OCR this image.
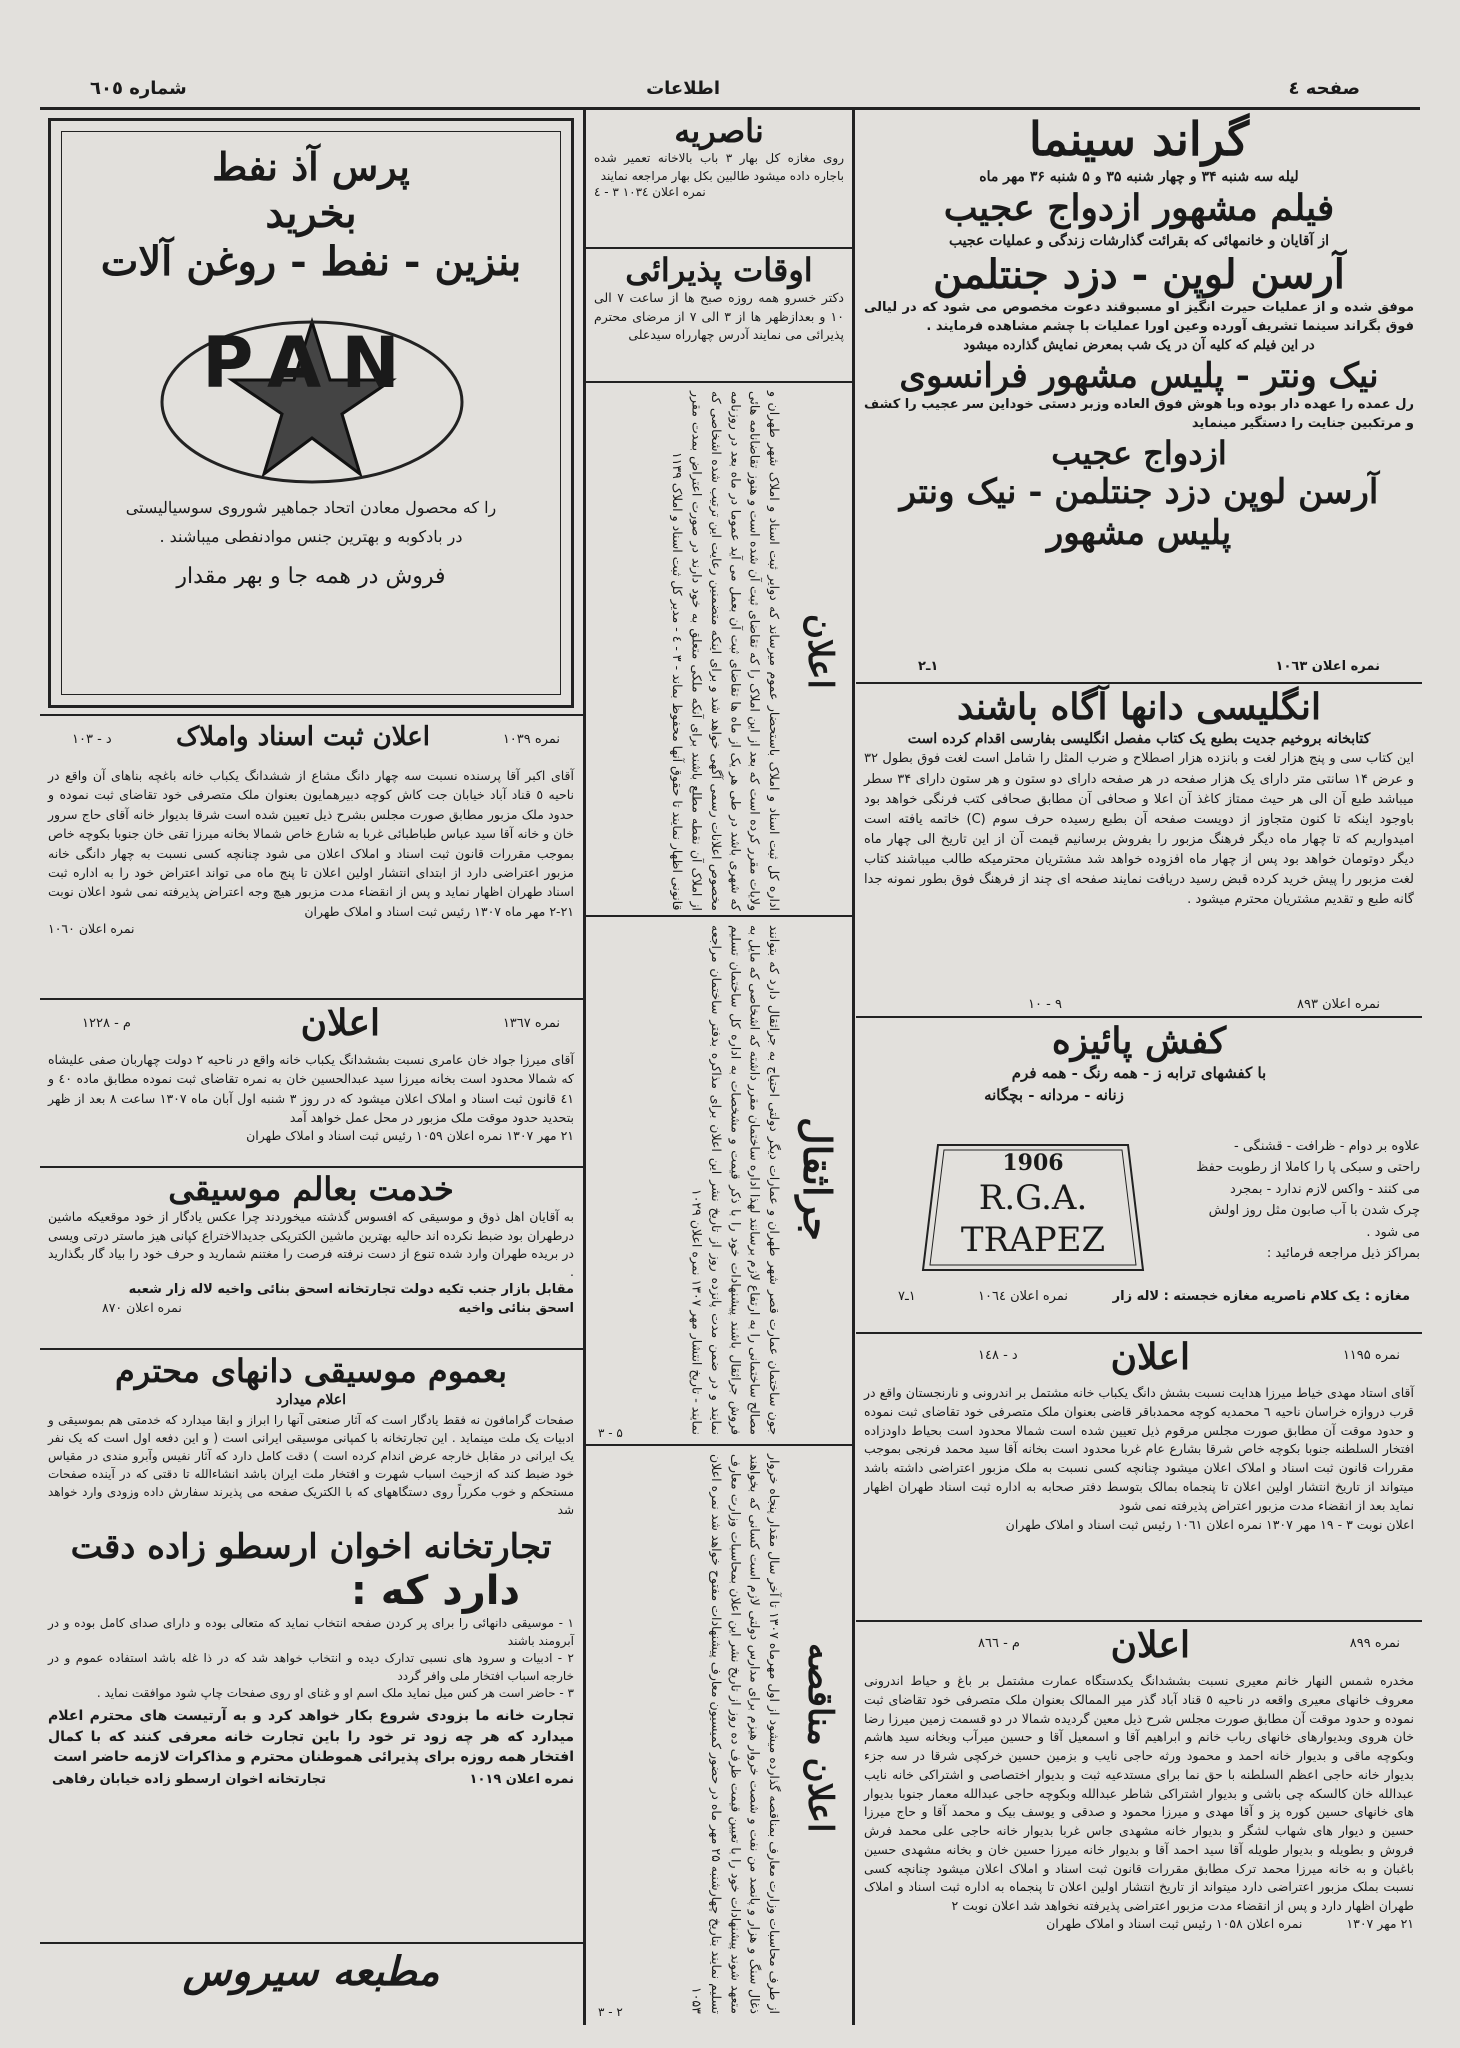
صفحه ٤
اطلاعات
شماره ٦٠٥
گراند سینما
لیله سه شنبه ۳۴ و چهار شنبه ۳۵ و ۵ شنبه ۳۶ مهر ماه
فیلم مشهور ازدواج عجیب
از آقایان و خانمهائی که بقرائت گذارشات زندگی و عملیات عجیب
آرسن لوپن - دزد جنتلمن
موفق شده و از عملیات حیرت انگیز او مسبوقند دعوت مخصوص می شود که در لیالی فوق بگراند سینما تشریف آورده وعین اورا عملیات با چشم مشاهده فرمایند .
در این فیلم که کلیه آن در یک شب بمعرض نمایش گذارده میشود
نیک ونتر - پلیس مشهور فرانسوی
رل عمده را عهده دار بوده وبا هوش فوق العاده وزبر دستی خوداین سر عجیب را کشف و مرتکبین جنایت را دستگیر مینماید
ازدواج عجیب
آرسن لوپن دزد جنتلمن - نیک ونتر
پلیس مشهور
نمره اعلان ۱۰٦۳
۱ـ۲
انگلیسی دانها آگاه باشند
کتابخانه بروخیم جدیت بطبع یک کتاب مفصل انگلیسی بفارسی اقدام کرده است
این کتاب سی و پنج هزار لغت و بانزده هزار اصطلاح و ضرب المثل را شامل است لغت فوق بطول ۳۲ و عرض ۱۴ سانتی متر دارای یک هزار صفحه در هر صفحه دارای دو ستون و هر ستون دارای ۳۴ سطر میباشد طبع آن الی هر حیث ممتاز کاغذ آن اعلا و صحافی آن مطابق صحافی کتب فرنگی خواهد بود باوجود اینکه تا کنون متجاوز از دویست صفحه آن بطبع رسیده حرف سوم (C) خاتمه یافته است امیدواریم که تا چهار ماه دیگر فرهنگ مزبور را بفروش برسانیم قیمت آن از این تاریخ الی چهار ماه دیگر دوتومان خواهد بود پس از چهار ماه افزوده خواهد شد مشتریان محترمیکه طالب میباشند کتاب لغت مزبور را پیش خرید کرده قبض رسید دریافت نمایند صفحه ای چند از فرهنگ فوق بطور نمونه جدا گانه طبع و تقدیم مشتریان محترم میشود .
نمره اعلان ۸۹۳
۹ - ۱۰
کفش پائیزه
با کفشهای ترابه ز - همه رنگ - همه فرم
زنانه - مردانه - بچگانه
علاوه بر دوام - ظرافت - قشنگی -
راحتی و سبکی پا را کاملا از رطوبت حفظ
می کنند - واکس لازم ندارد - بمجرد
چرک شدن با آب صابون مثل روز اولش
می شود .
بمراکز ذیل مراجعه فرمائید :
1906
R.G.A.
TRAPEZ
مغازه : یک کلام ناصریه مغازه خجسته : لاله زار
نمره اعلان ۱۰٦٤
۱ـ۷
نمره ۱۱۹۵
اعلان
د - ۱٤۸
آقای استاد مهدی خیاط میرزا هدایت نسبت بشش دانگ یکباب خانه مشتمل بر اندرونی و نارنجستان واقع در قرب دروازه خراسان ناحیه ٦ محمدیه کوچه محمدباقر قاضی بعنوان ملک متصرفی خود تقاضای ثبت نموده و حدود موقت آن مطابق صورت مجلس مرقوم ذیل تعیین شده است شمالا محدود است بحیاط داودزاده افتخار السلطنه جنوبا بکوچه خاص شرقا بشارع عام غربا محدود است بخانه آقا سید محمد فرنجی بموجب مقررات قانون ثبت اسناد و املاک اعلان میشود چنانچه کسی نسبت به ملک مزبور اعتراضی داشته باشد میتواند از تاریخ انتشار اولین اعلان تا پنجماه بمالک بتوسط دفتر صحابه به اداره ثبت اسناد طهران اظهار نماید بعد از انقضاء مدت مزبور اعتراض پذیرفته نمی شود
اعلان نوبت ۳ - ۱۹ مهر ۱۳۰۷ نمره اعلان ۱۰٦۱ رئیس ثبت اسناد و املاک طهران
نمره ۸۹۹
اعلان
م - ۸٦٦
مخدره شمس النهار خانم معیری نسبت بششدانگ یکدستگاه عمارت مشتمل بر باغ و حیاط اندرونی معروف خانهای معیری واقعه در ناحیه ٥ قناد آباد گذر میر الممالک بعنوان ملک متصرفی خود تقاضای ثبت نموده و حدود موقت آن مطابق صورت مجلس شرح ذیل معین گردیده شمالا در دو قسمت زمین میرزا رضا خان هروی وبدیوارهای خانهای رباب خانم و ابراهیم آقا و اسمعیل آقا و حسین میرآب وبخانه سید هاشم وبکوچه ماقی و بدیوار خانه احمد و محمود ورثه حاجی نایب و بزمین حسین خرکچی شرقا در سه جزء بدیوار خانه حاجی اعظم السلطنه با حق نما برای مستدعیه ثبت و بدیوار اختصاصی و اشتراکی خانه نایب عبدالله خان کالسکه چی باشی و بدیوار اشتراکی شاطر عبدالله وبکوچه حاجی عبدالله معمار جنوبا بدیوار های خانهای حسین کوره پز و آقا مهدی و میرزا محمود و صدقی و یوسف بیک و محمد آقا و حاج میرزا حسین و دیوار های شهاب لشگر و بدیوار خانه مشهدی جاس غربا بدیوار خانه حاجی علی محمد فرش فروش و بطویله و بدیوار طویله آقا سید احمد آقا و بدیوار خانه میرزا حسین خان و بخانه مشهدی حسین باغبان و به خانه میرزا محمد ترک مطابق مقررات قانون ثبت اسناد و املاک اعلان میشود چنانچه کسی نسبت بملک مزبور اعتراضی دارد میتواند از تاریخ انتشار اولین اعلان تا پنجماه به اداره ثبت اسناد و املاک طهران اظهار دارد و پس از انقضاء مدت مزبور اعتراضی پذیرفته نخواهد شد اعلان نوبت ۲
۲۱ مهر ۱۳۰۷ نمره اعلان ۱۰۵۸ رئیس ثبت اسناد و املاک طهران
ناصریه
روی مغازه کل بهار ۳ باب بالاخانه تعمیر شده باجاره داده میشود طالبین بکل بهار مراجعه نمایند
نمره اعلان ۱۰۳٤ ۳ - ٤
اوقات پذیرائی
دکتر خسرو همه روزه صبح ها از ساعت ۷ الی ۱۰ و بعدازظهر ها از ۳ الی ۷ از مرضای محترم پذیرائی می نمایند آدرس چهارراه سیدعلی
اعلان
اداره کل ثبت اسناد و املاک باستحضار عموم میرساند که دوایر ثبت اسناد و املاک شهر طهران و ولایات مقرر کرده است که بعد از این املاک را که تقاضای ثبت آن شده است و هنوز تقاضانامه هائی که شهری باشد در طی هر یک از ماه ها تقاضای ثبت آن بعمل می آید عموما در ماه بعد در روزنامه مخصوص اعلانات رسمی آگهی خواهد شد و برای اینکه متضمنین رعایت این ترتیب شده اشخاصی که از املاک آن نقطه مطلع باشند برای آنکه ملکی متعلق به خود دارند در صورت اعتراض بمدت مقرر قانونی اظهار نمایند تا حقوق آنها محفوظ بماند - ۳ - ٤ - مدیر کل ثبت اسناد و املاک ۱۱۳۹
جراثقال
جون ساختمان عمارت قصر شهر طهران و عمارات دیگر دولتی احتیاج به جراثقال دارد که بتوانند مصالح ساختمانی را به ارتفاع لازم برسانند لهذا اداره ساختمان مقرر داشته که اشخاصی که مایل به فروش جراثقال باشند پیشنهادات خود را با ذکر قیمت و مشخصات به اداره کل ساختمان تسلیم نمایند و در ضمن مدت پانزده روز از تاریخ نشر این اعلان برای مذاکره بدفتر ساختمان مراجعه نمایند - تاریخ انتشار مهر ۱۳۰۷ نمره اعلان ۱۰۲۹
۵ - ۳
اعلان مناقصه
از طرف محاسبات وزارت معارف بمناقصه گذارده میشود از اول مهرماه ۱۳۰۷ تا آخر سال مقدار پنجاه خروار ذغال سنگ و هزار و پانصد من نفت و شصت خروار هیزم برای مدارس دولتی لازم است کسانی که بخواهند متعهد شوند پیشنهادات خود را با تعیین قیمت ظرف ده روز از تاریخ نشر این اعلان بمحاسبات وزارت معارف تسلیم نمایند بتاریخ چهارشنبه ۲۵ مهر ماه در حضور کمیسیون معارف پیشنهادات مفتوح خواهد شد نمره اعلان ۱۰۵۳
۲ - ۳
پرس آذ نفط
بخرید
بنزین - نفط - روغن آلات
PAN
را که محصول معادن اتحاد جماهیر شوروی سوسیالیستی
در بادکوبه و بهترین جنس موادنفطی میباشند .
فروش در همه جا و بهر مقدار
نمره ۱۰۳۹
اعلان ثبت اسناد واملاک
د - ۱۰۳
آقای اکبر آقا پرسنده نسبت سه چهار دانگ مشاع از ششدانگ یکباب خانه باغچه بناهای آن واقع در ناحیه ٥ قناد آباد خیابان جت کاش کوچه دبیرهمایون بعنوان ملک متصرفی خود تقاضای ثبت نموده و حدود ملک مزبور مطابق صورت مجلس بشرح ذیل تعیین شده است شرقا بدیوار خانه آقای حاج سرور خان و خانه آقا سید عباس طباطبائی غربا به شارع خاص شمالا بخانه میرزا تقی خان جنوبا بکوچه خاص بموجب مقررات قانون ثبت اسناد و املاک اعلان می شود چنانچه کسی نسبت به چهار دانگی خانه مزبور اعتراضی دارد از ابتدای انتشار اولین اعلان تا پنج ماه می تواند اعتراض خود را به اداره ثبت اسناد طهران اظهار نماید و پس از انقضاء مدت مزبور هیچ وجه اعتراض پذیرفته نمی شود اعلان نوبت ۲۱-۲ مهر ماه ۱۳۰۷ رئیس ثبت اسناد و املاک طهران
نمره اعلان ۱۰٦۰
نمره ۱۳٦۷
اعلان
م - ۱۲۲۸
آقای میرزا جواد خان عامری نسبت بششدانگ یکباب خانه واقع در ناحیه ۲ دولت چهاربان صفی علیشاه که شمالا محدود است بخانه میرزا سید عبدالحسین خان به نمره تقاضای ثبت نموده مطابق ماده ٤۰ و ٤۱ قانون ثبت اسناد و املاک اعلان میشود که در روز ۳ شنبه اول آبان ماه ۱۳۰۷ ساعت ۸ بعد از ظهر بتحدید حدود موقت ملک مزبور در محل عمل خواهد آمد
۲۱ مهر ۱۳۰۷ نمره اعلان ۱۰۵۹ رئیس ثبت اسناد و املاک طهران
خدمت بعالم موسیقی
به آقایان اهل ذوق و موسیقی که افسوس گذشته میخوردند چرا عکس یادگار از خود موقعیکه ماشین درطهران بود ضبط نکرده اند حالیه بهترین ماشین الکتریکی جدیدالاختراع کپانی هیز ماستر درتی ویسی در بریده طهران وارد شده تنوع از دست نرفته فرصت را مغتنم شمارید و حرف خود را بیاد گار بگذارید .
مقابل بازار جنب تکیه دولت تجارتخانه اسحق بنائی واخیه لاله زار شعبه
اسحق بنائی واخیه
نمره اعلان ۸۷۰
بعموم موسیقی دانهای محترم
اعلام میدارد
صفحات گرامافون نه فقط یادگار است که آثار صنعتی آنها را ابراز و ابقا میدارد که خدمتی هم بموسیقی و ادبیات یک ملت مینماید . این تجارتخانه با کمپانی موسیقی ایرانی است ( و این دفعه اول است که یک نفر یک ایرانی در مقابل خارجه عرض اندام کرده است ) دقت کامل دارد که آثار نفیس وآبرو مندی در مقیاس خود ضبط کند که ازحیث اسباب شهرت و افتخار ملت ایران باشد انشاءالله تا دقتی که در آینده صفحات مستحکم و خوب مکرراً روی دستگاههای که با الکتریک صفحه می پذیرند سفارش داده وزودی وارد خواهد شد
تجارتخانه اخوان ارسطو زاده دقت
دارد که :
۱ - موسیقی دانهائی را برای پر کردن صفحه انتخاب نماید که متعالی بوده و دارای صدای کامل بوده و در آبرومند باشند
۲ - ادبیات و سرود های نسبی تدارک دیده و انتخاب خواهد شد که در ذا غله باشد استفاده عموم و در خارجه اسباب افتخار ملی وافر گردد
۳ - حاضر است هر کس میل نماید ملک اسم او و غنای او روی صفحات چاپ شود موافقت نماید .
تجارت خانه ما بزودی شروع بکار خواهد کرد و به آرتیست های محترم اعلام میدارد که هر چه زود تر خود را باین تجارت خانه معرفی کنند که با کمال افتخار همه روزه برای پذیرائی هموطنان محترم و مذاکرات لازمه حاضر است
نمره اعلان ۱۰۱۹
تجارتخانه اخوان ارسطو زاده خیابان رفاهی
مطبعه سیروس
